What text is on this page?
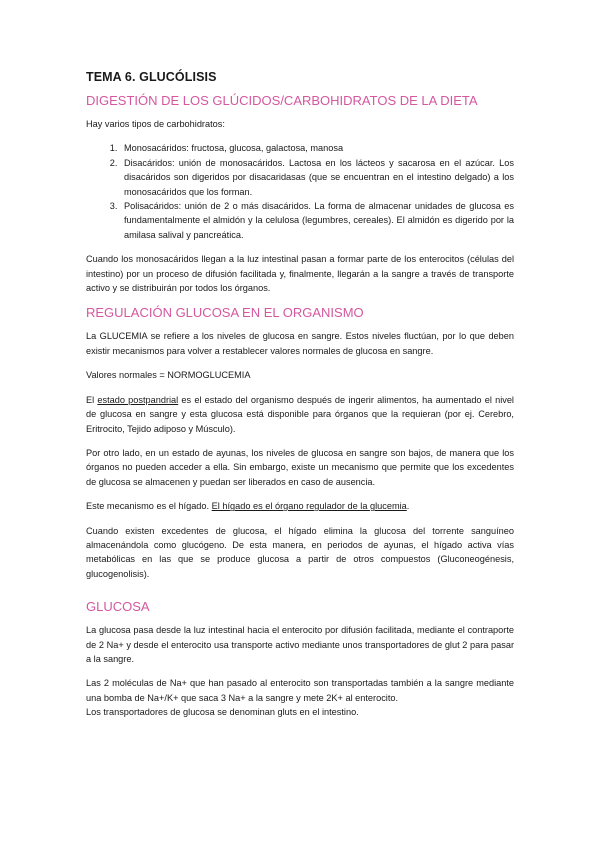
TEMA 6. GLUCÓLISIS
DIGESTIÓN DE LOS GLÚCIDOS/CARBOHIDRATOS DE LA DIETA

Hay varios tipos de carbohidratos:

1. Monosacáridos: fructosa, glucosa, galactosa, manosa
2. Disacáridos: unión de monosacáridos. Lactosa en los lácteos y sacarosa en el azúcar. Los disacáridos son digeridos por disacaridasas (que se encuentran en el intestino delgado) a los monosacáridos que los forman.
3. Polisacáridos: unión de 2 o más disacáridos. La forma de almacenar unidades de glucosa es fundamentalmente el almidón y la celulosa (legumbres, cereales). El almidón es digerido por la amilasa salival y pancreática.

Cuando los monosacáridos llegan a la luz intestinal pasan a formar parte de los enterocitos (células del intestino) por un proceso de difusión facilitada y, finalmente, llegarán a la sangre a través de transporte activo y se distribuirán por todos los órganos.

REGULACIÓN GLUCOSA EN EL ORGANISMO

La GLUCEMIA se refiere a los niveles de glucosa en sangre. Estos niveles fluctúan, por lo que deben existir mecanismos para volver a restablecer valores normales de glucosa en sangre.

Valores normales = NORMOGLUCEMIA

El estado postpandrial es el estado del organismo después de ingerir alimentos, ha aumentado el nivel de glucosa en sangre y esta glucosa está disponible para órganos que la requieran (por ej. Cerebro, Eritrocito, Tejido adiposo y Músculo).

Por otro lado, en un estado de ayunas, los niveles de glucosa en sangre son bajos, de manera que los órganos no pueden acceder a ella. Sin embargo, existe un mecanismo que permite que los excedentes de glucosa se almacenen y puedan ser liberados en caso de ausencia.

Este mecanismo es el hígado. El hígado es el órgano regulador de la glucemia.

Cuando existen excedentes de glucosa, el hígado elimina la glucosa del torrente sanguíneo almacenándola como glucógeno. De esta manera, en periodos de ayunas, el hígado activa vías metabólicas en las que se produce glucosa a partir de otros compuestos (Gluconeogénesis, glucogenolisis).

GLUCOSA

La glucosa pasa desde la luz intestinal hacia el enterocito por difusión facilitada, mediante el contraporte de 2 Na+ y desde el enterocito usa transporte activo mediante unos transportadores de glut 2 para pasar a la sangre.

Las 2 moléculas de Na+ que han pasado al enterocito son transportadas también a la sangre mediante una bomba de Na+/K+ que saca 3 Na+ a la sangre y mete 2K+ al enterocito.
Los transportadores de glucosa se denominan gluts en el intestino.
